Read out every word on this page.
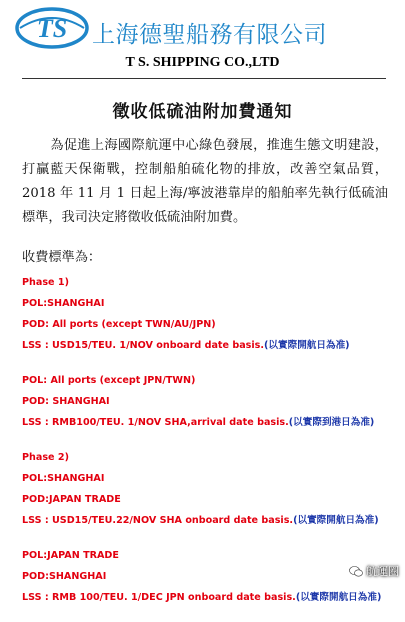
TS 上海德聖船務有限公司
T S. SHIPPING CO.,LTD
徵收低硫油附加費通知
為促進上海國際航運中心綠色發展，推進生態文明建設，打贏藍天保衛戰，控制船舶硫化物的排放，改善空氣品質，2018 年 11 月 1 日起上海/寧波港靠岸的船舶率先執行低硫油標準，我司決定將徵收低硫油附加費。
收費標準為：
Phase 1)
POL:SHANGHAI
POD: All ports (except TWN/AU/JPN)
LSS : USD15/TEU. 1/NOV onboard date basis.(以實際開航日為准)
POL: All ports (except JPN/TWN)
POD: SHANGHAI
LSS : RMB100/TEU. 1/NOV SHA,arrival date basis.(以實際到港日為准)
Phase 2)
POL:SHANGHAI
POD:JAPAN TRADE
LSS : USD15/TEU.22/NOV SHA onboard date basis.(以實際開航日為准)
POL:JAPAN TRADE
POD:SHANGHAI
LSS : RMB 100/TEU. 1/DEC JPN onboard date basis.(以實際開航日為准)
航運圈
